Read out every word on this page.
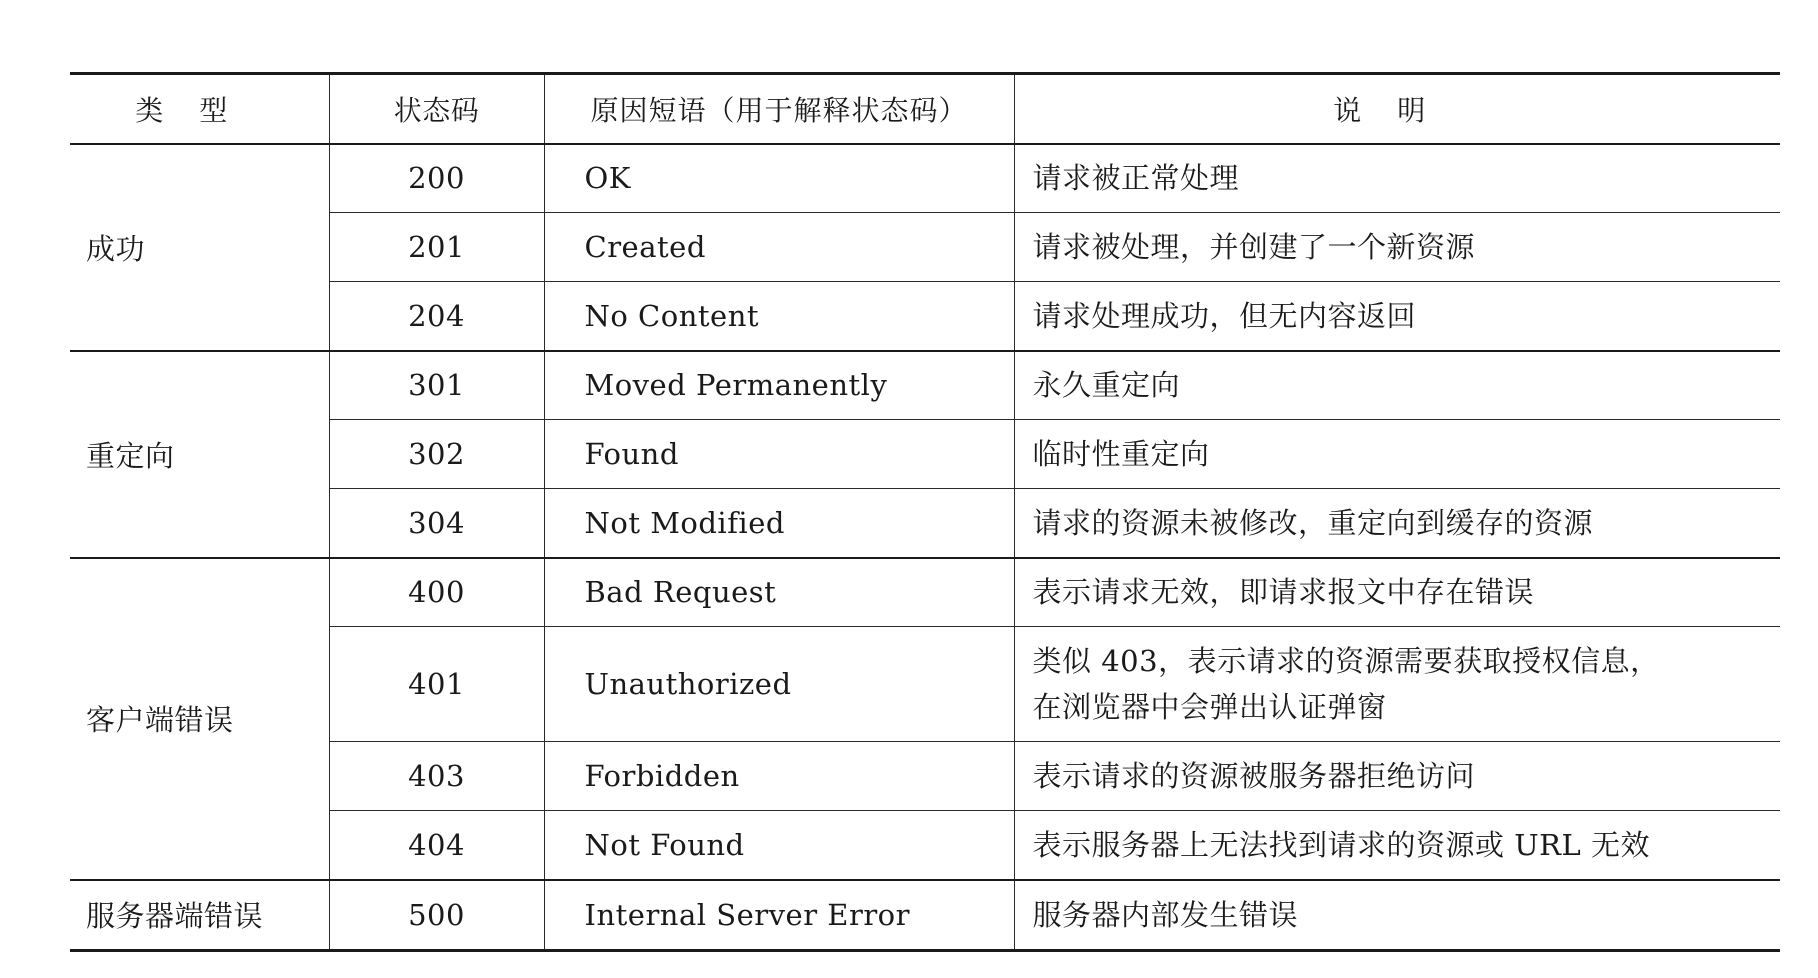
类型	状态码	原因短语（用于解释状态码）	说明
成功	200	OK	请求被正常处理

	201	Created	请求被处理，并创建了一个新资源

	204	No Content	请求处理成功，但无内容返回

重定向	301	Moved Permanently	永久重定向

	302	Found	临时性重定向

	304	Not Modified	请求的资源未被修改，重定向到缓存的资源

客户端错误	400	Bad Request	表示请求无效，即请求报文中存在错误

	401	Unauthorized	类似 403，表示请求的资源需要获取授权信息，
在浏览器中会弹出认证弹窗

	403	Forbidden	表示请求的资源被服务器拒绝访问

	404	Not Found	表示服务器上无法找到请求的资源或 URL 无效

服务器端错误	500	Internal Server Error	服务器内部发生错误
